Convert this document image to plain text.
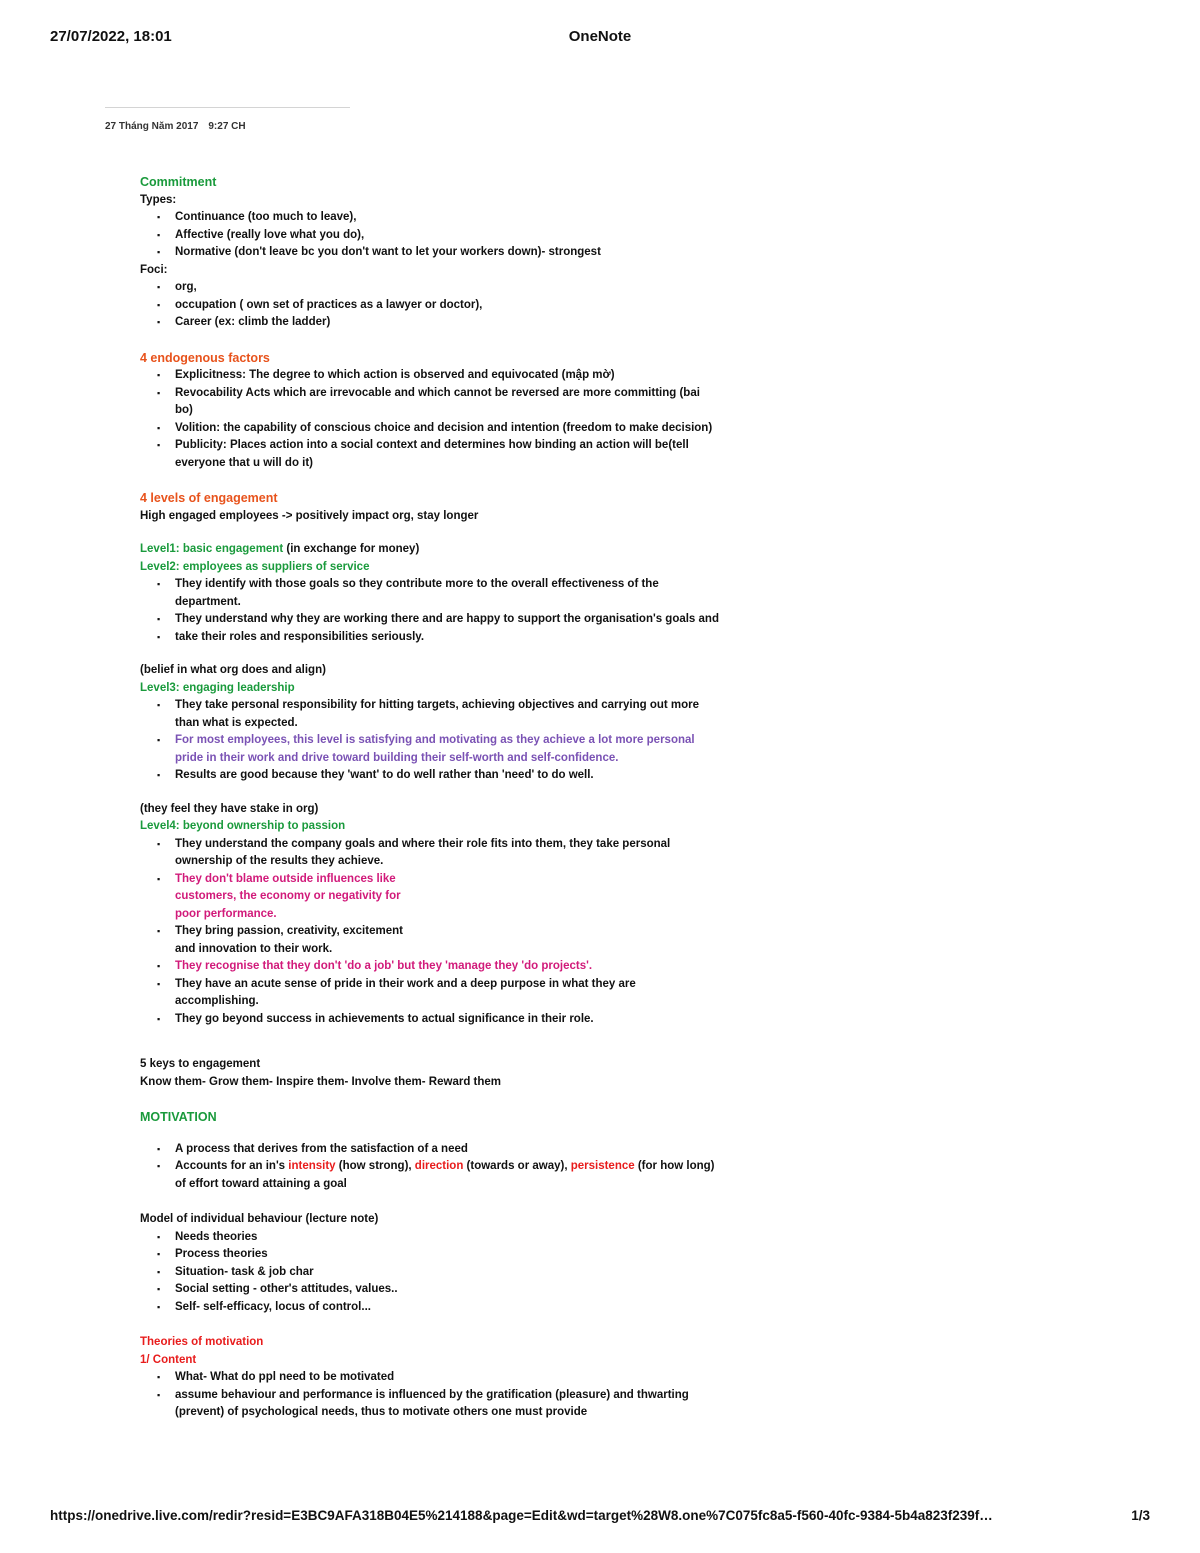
27/07/2022, 18:01	OneNote
27 Tháng Năm 2017 9:27 CH

Commitment

Types:

▪ Continuance (too much to leave),
▪ Affective (really love what you do),
▪ Normative (don't leave bc you don't want to let your workers down)- strongest

Foci:

▪ org,
▪ occupation ( own set of practices as a lawyer or doctor),
▪ Career (ex: climb the ladder)

4 endogenous factors

▪ Explicitness: The degree to which action is observed and equivocated (mập mờ)
▪ Revocability Acts which are irrevocable and which cannot be reversed are more committing (bai bo)
▪ Volition: the capability of conscious choice and decision and intention (freedom to make decision)
▪ Publicity: Places action into a social context and determines how binding an action will be(tell everyone that u will do it)

4 levels of engagement

High engaged employees -> positively impact org, stay longer

Level1: basic engagement (in exchange for money)

Level2: employees as suppliers of service

▪ They identify with those goals so they contribute more to the overall effectiveness of the department.
▪ They understand why they are working there and are happy to support the organisation's goals and
▪ take their roles and responsibilities seriously.

(belief in what org does and align)

Level3: engaging leadership

▪ They take personal responsibility for hitting targets, achieving objectives and carrying out more than what is expected.
▪ For most employees, this level is satisfying and motivating as they achieve a lot more personal pride in their work and drive toward building their self-worth and self-confidence.
▪ Results are good because they 'want' to do well rather than 'need' to do well.

(they feel they have stake in org)

Level4: beyond ownership to passion

▪ They understand the company goals and where their role fits into them, they take personal ownership of the results they achieve.
▪ They don't blame outside influences like customers, the economy or negativity for poor performance.
▪ They bring passion, creativity, excitement and innovation to their work.
▪ They recognise that they don't 'do a job' but they 'manage they 'do projects'.
▪ They have an acute sense of pride in their work and a deep purpose in what they are accomplishing.
▪ They go beyond success in achievements to actual significance in their role.

5 keys to engagement

Know them- Grow them- Inspire them- Involve them- Reward them

MOTIVATION

▪ A process that derives from the satisfaction of a need
▪ Accounts for an in's intensity (how strong), direction (towards or away), persistence (for how long) of effort toward attaining a goal

Model of individual behaviour (lecture note)

▪ Needs theories
▪ Process theories
▪ Situation- task & job char
▪ Social setting - other's attitudes, values..
▪ Self- self-efficacy, locus of control...

Theories of motivation

1/ Content

▪ What- What do ppl need to be motivated
▪ assume behaviour and performance is influenced by the gratification (pleasure) and thwarting (prevent) of psychological needs, thus to motivate others one must provide
https://onedrive.live.com/redir?resid=E3BC9AFA318B04E5%214188&page=Edit&wd=target%28W8.one%7C075fc8a5-f560-40fc-9384-5b4a823f239f…	1/3
